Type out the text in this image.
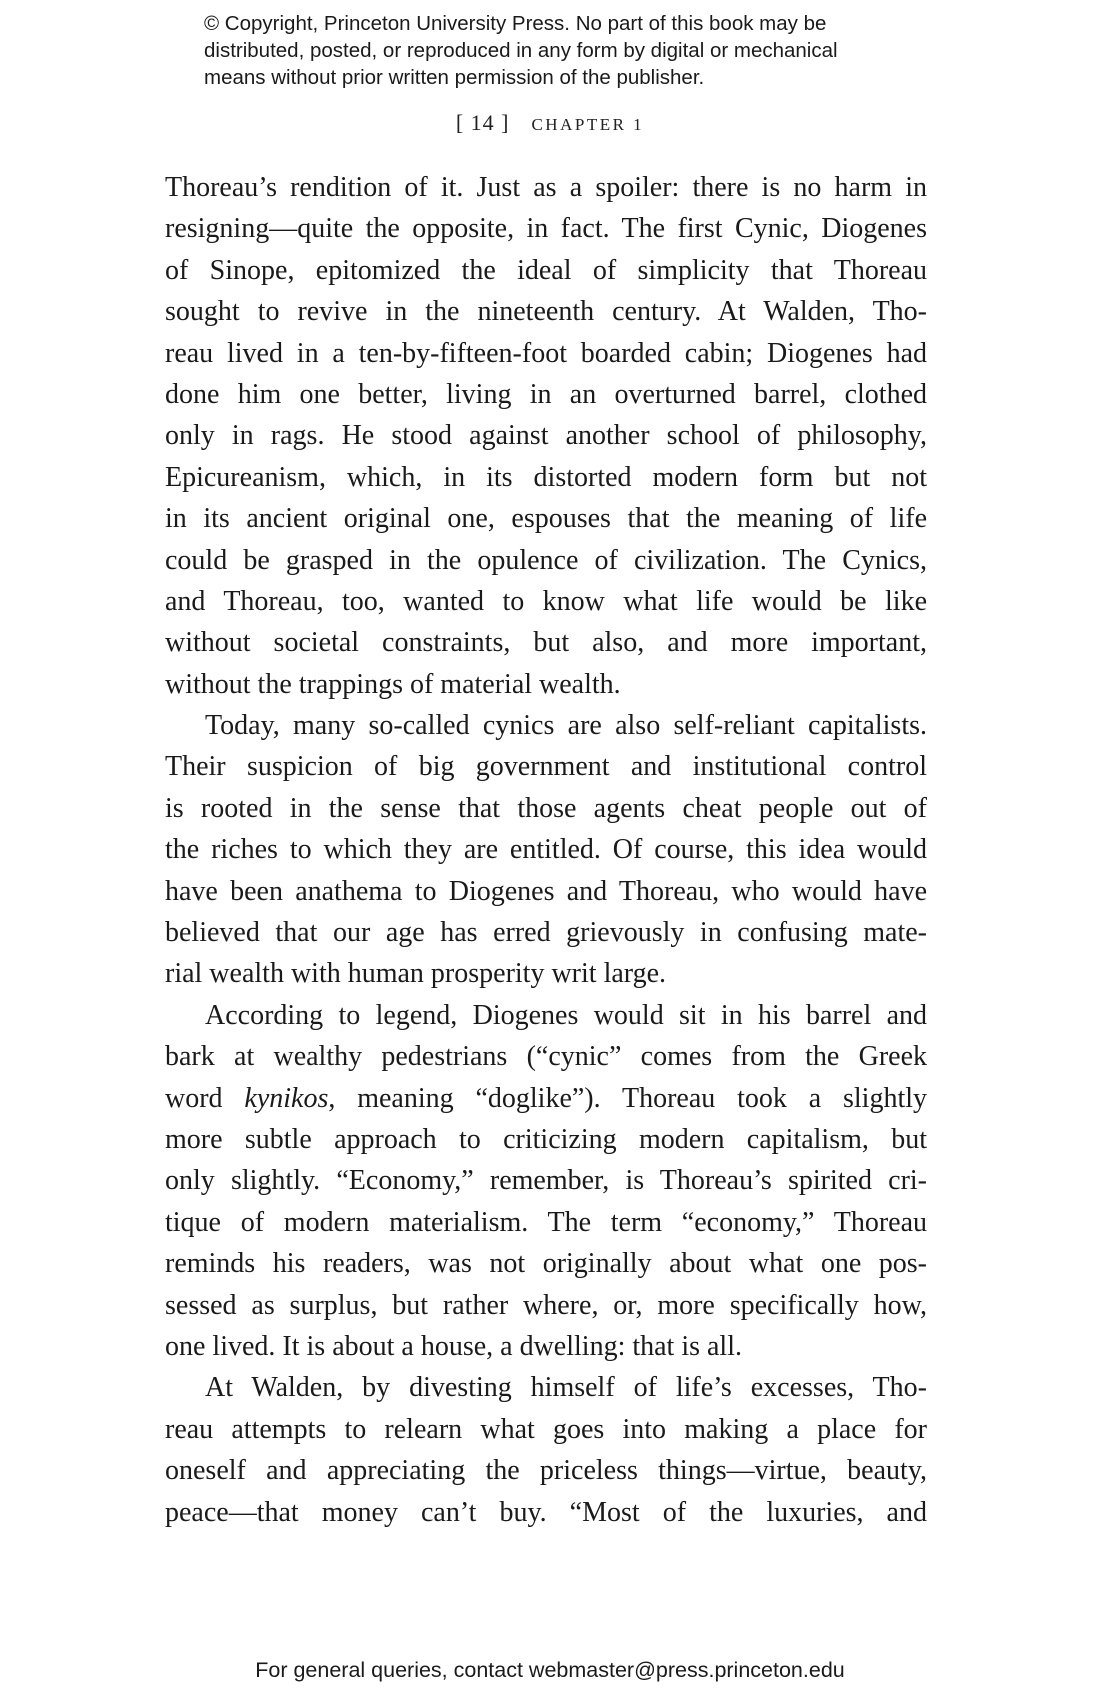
© Copyright, Princeton University Press. No part of this book may be
distributed, posted, or reproduced in any form by digital or mechanical
means without prior written permission of the publisher.
[ 14 ] CHAPTER 1
Thoreau’s rendition of it. Just as a spoiler: there is no harm in
resigning—quite the opposite, in fact. The first Cynic, Diogenes
of Sinope, epitomized the ideal of simplicity that Thoreau
sought to revive in the nineteenth century. At Walden, Tho-
reau lived in a ten-by-fifteen-foot boarded cabin; Diogenes had
done him one better, living in an overturned barrel, clothed
only in rags. He stood against another school of philosophy,
Epicureanism, which, in its distorted modern form but not
in its ancient original one, espouses that the meaning of life
could be grasped in the opulence of civilization. The Cynics,
and Thoreau, too, wanted to know what life would be like
without societal constraints, but also, and more important,
without the trappings of material wealth.
Today, many so-called cynics are also self-reliant capitalists.
Their suspicion of big government and institutional control
is rooted in the sense that those agents cheat people out of
the riches to which they are entitled. Of course, this idea would
have been anathema to Diogenes and Thoreau, who would have
believed that our age has erred grievously in confusing mate-
rial wealth with human prosperity writ large.
According to legend, Diogenes would sit in his barrel and
bark at wealthy pedestrians (“cynic” comes from the Greek
word kynikos, meaning “doglike”). Thoreau took a slightly
more subtle approach to criticizing modern capitalism, but
only slightly. “Economy,” remember, is Thoreau’s spirited cri-
tique of modern materialism. The term “economy,” Thoreau
reminds his readers, was not originally about what one pos-
sessed as surplus, but rather where, or, more specifically how,
one lived. It is about a house, a dwelling: that is all.
At Walden, by divesting himself of life’s excesses, Tho-
reau attempts to relearn what goes into making a place for
oneself and appreciating the priceless things—virtue, beauty,
peace—that money can’t buy. “Most of the luxuries, and
For general queries, contact webmaster@press.princeton.edu
